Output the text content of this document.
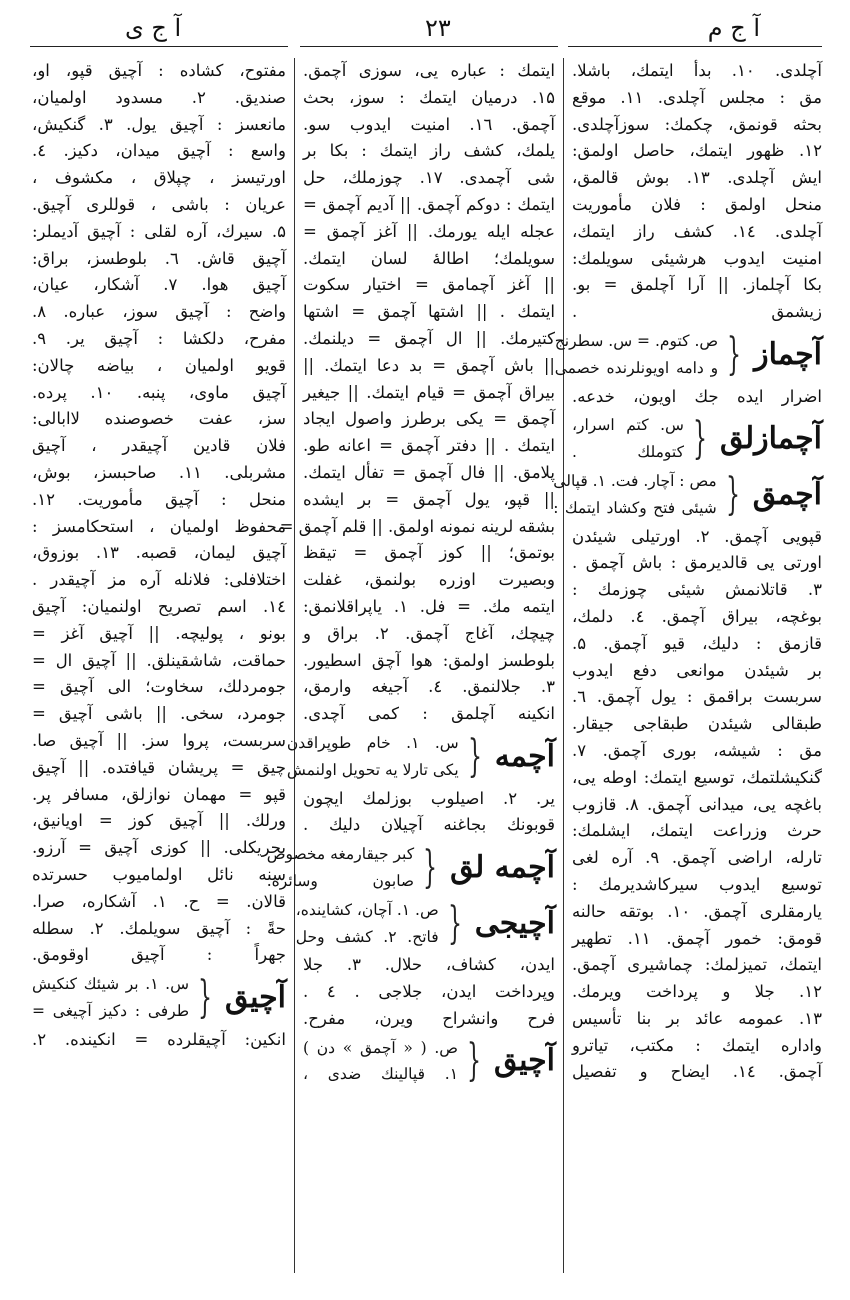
آ ج ی	۲۳	آ ج م
آچلدی. ۱۰. بدأ ایتمك، باشلا.
مق : مجلس آچلدی. ۱۱. موقع
بحثه قونمق، چکمك: سوزآچلدی.
۱۲. ظهور ایتمك، حاصل اولمق:
ایش آچلدی. ۱۳. بوش قالمق،
منحل اولمق : فلان مأموریت
آچلدی. ۱٤. کشف راز ایتمك،
امنیت ایدوب هرشیئی سویلمك:
بکا آچلماز. || آرا آچلمق = بو.
زیشمق .
آچماز
{
ص. کتوم. = س. سطرنج
و دامه اویونلرنده خصمی
اضرار ایده جك اویون، خدعه.
آچمازلق
{
س. کتم اسرار،
کتوملك .
آچمق
{
مص : آچار. فت. ۱. قپالی
شیئی فتح وکشاد ایتمك :
قپویی آچمق. ۲. اورتیلی شیئدن
اورتی یی قالدیرمق : باش آچمق .
۳. قاتلانمش شیئی چوزمك :
بوغچه، بیراق آچمق. ٤. دلمك،
قازمق : دلیك، قیو آچمق. ۵.
بر شیئدن موانعی دفع ایدوب
سربست براقمق : یول آچمق. ٦.
طبقالی شیئدن طبقاجی جیقار.
مق : شیشه، بوری آچمق. ۷.
گنکیشلتمك، توسیع ایتمك: اوطه یی،
باغچه یی، میدانی آچمق. ۸. قازوب
حرث وزراعت ایتمك، ایشلمك:
تارله، اراضی آچمق. ۹. آره لغی
توسیع ایدوب سیرکاشدیرمك :
یارمقلری آچمق. ۱۰. بوتقه حالنه
قومق: خمور آچمق. ۱۱. تطهیر
ایتمك، تمیزلمك: چماشیری آچمق.
۱۲. جلا و پرداخت ویرمك.
۱۳. عمومه عائد بر بنا تأسیس
واداره ایتمك : مکتب، تیاترو
آچمق. ۱٤. ایضاح و تفصیل
ایتمك : عباره یی، سوزی آچمق.
۱۵. درمیان ایتمك : سوز، بحث
آچمق. ۱٦. امنیت ایدوب سو.
یلمك، کشف راز ایتمك : بکا بر
شی آچمدی. ۱۷. چوزملك، حل
ایتمك : دوکم آچمق. || آدیم آچمق =
عجله ایله یورمك. || آغز آچمق =
سویلمك؛ اطالهٔ لسان ایتمك.
|| آغز آچمامق = اختیار سکوت
ایتمك . || اشتها آچمق = اشتها
کتیرمك. || ال آچمق = دیلنمك.
|| باش آچمق = بد دعا ایتمك. ||
بیراق آچمق = قیام ایتمك. || جیغیر
آچمق = یکی برطرز واصول ایجاد
ایتمك . || دفتر آچمق = اعانه طو.
پلامق. || فال آچمق = تفأل ایتمك.
|| قپو، یول آچمق = بر ایشده
بشقه لرینه نمونه اولمق. || قلم آچمق =
بوتمق؛ || کوز آچمق = تیقظ
وبصیرت اوزره بولنمق، غفلت
ایتمه مك. = فل. ۱. یاپراقلانمق:
چیچك، آغاج آچمق. ۲. براق و
بلوطسز اولمق: هوا آچق اسطیور.
۳. جلالنمق. ٤. آجیغه وارمق،
انکینه آچلمق : کمی آچدی.
آچمه
{
س. ۱. خام طوپراقدن
یکی تارلا یه تحویل اولنمش
یر. ۲. اصیلوب بوزلمك ایچون
قوبونك بجاغنه آچیلان دلیك .
آچمه لق
{
کبر جیقارمغه مخصوص
صابون وسائره.
آچیجی
{
ص. ۱. آچان، کشاینده،
فاتح. ۲. کشف وحل
ایدن، کشاف، حلال. ۳. جلا
وپرداخت ایدن، جلاجی . ٤ .
فرح وانشراح ویرن، مفرح.
آچیق
{
ص. ( « آچمق » دن )
۱. قپالینك ضدی ،
مفتوح، کشاده : آچیق قپو، او،
صندیق. ۲. مسدود اولمیان،
مانعسز : آچیق یول. ۳. گنکیش،
واسع : آچیق میدان، دکیز. ٤.
اورتیسز ، چپلاق ، مکشوف ،
عریان : باشی ، قوللری آچیق.
۵. سیرك، آره لقلی : آچیق آدیملر:
آچیق قاش. ٦. بلوطسز، براق:
آچیق هوا. ۷. آشکار، عیان،
واضح : آچیق سوز، عباره. ۸.
مفرح، دلکشا : آچیق یر. ۹.
قویو اولمیان ، بیاضه چالان:
آچیق ماوی، پنبه. ۱۰. پرده.
سز، عفت خصوصنده لاابالی:
فلان قادین آچیقدر ، آچیق
مشربلی. ۱۱. صاحبسز، بوش،
منحل : آچیق مأموریت. ۱۲.
محفوظ اولمیان ، استحکامسز :
آچیق لیمان، قصبه. ۱۳. بوزوق،
اختلافلی: فلانله آره مز آچیقدر .
۱٤. اسم تصریح اولنمیان: آچیق
بونو ، پولیچه. || آچیق آغز =
حماقت، شاشقینلق. || آچیق ال =
جومردلك، سخاوت؛ الی آچیق =
جومرد، سخی. || باشی آچیق =
سربست، پروا سز. || آچیق صا.
چیق = پریشان قیافتده. || آچیق
قپو = مهمان نوازلق، مسافر پر.
ورلك. || آچیق کوز = اویانیق،
بحریکلی. || کوزی آچیق = آرزو.
سنه نائل اولمامیوب حسرتده
قالان. = ح. ۱. آشکاره، صرا.
حةً : آچیق سویلمك. ۲. سطله
جهراً : آچیق اوقومق.
آچیق
{
س. ۱. بر شیئك کنکیش
طرفی : دکیز آچیغی =
انکین: آچیقلرده = انکینده. ۲.
